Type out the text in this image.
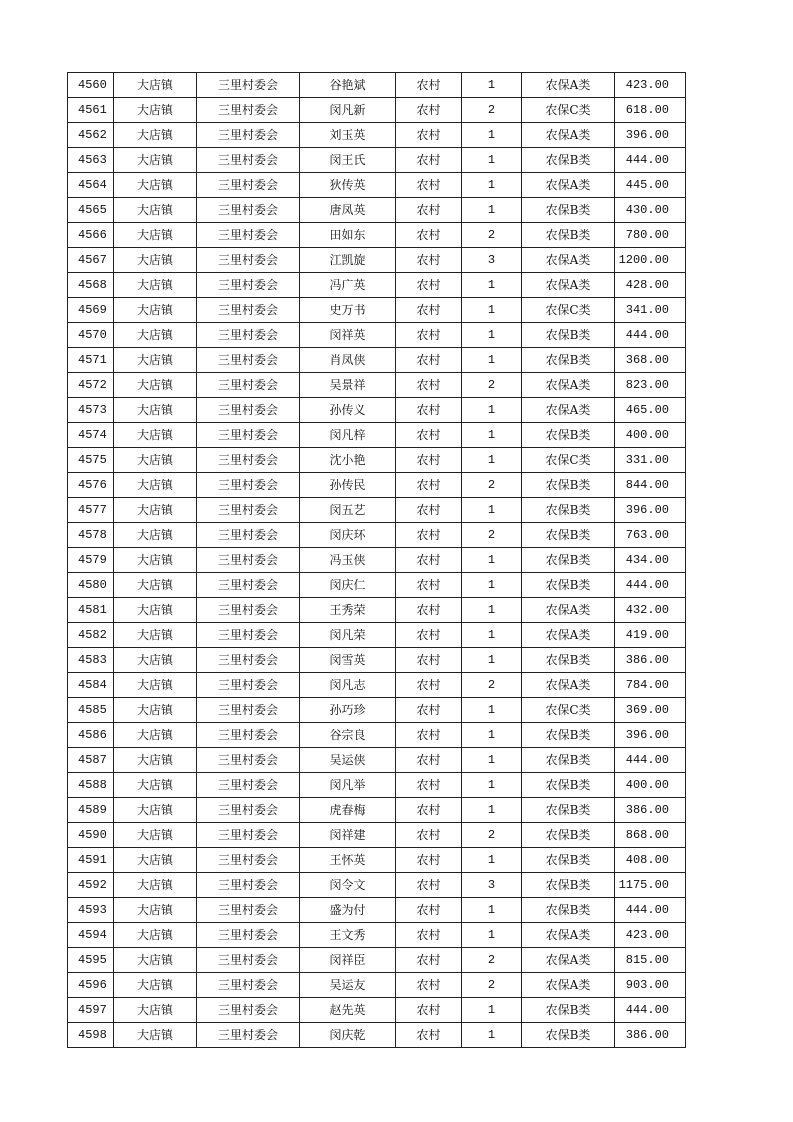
4560	大店镇	三里村委会	谷艳斌	农村	1	农保A类	423.00
4561	大店镇	三里村委会	闵凡新	农村	2	农保C类	618.00
4562	大店镇	三里村委会	刘玉英	农村	1	农保A类	396.00
4563	大店镇	三里村委会	闵王氏	农村	1	农保B类	444.00
4564	大店镇	三里村委会	狄传英	农村	1	农保A类	445.00
4565	大店镇	三里村委会	唐凤英	农村	1	农保B类	430.00
4566	大店镇	三里村委会	田如东	农村	2	农保B类	780.00
4567	大店镇	三里村委会	江凯旋	农村	3	农保A类	1200.00
4568	大店镇	三里村委会	冯广英	农村	1	农保A类	428.00
4569	大店镇	三里村委会	史万书	农村	1	农保C类	341.00
4570	大店镇	三里村委会	闵祥英	农村	1	农保B类	444.00
4571	大店镇	三里村委会	肖凤侠	农村	1	农保B类	368.00
4572	大店镇	三里村委会	吴景祥	农村	2	农保A类	823.00
4573	大店镇	三里村委会	孙传义	农村	1	农保A类	465.00
4574	大店镇	三里村委会	闵凡梓	农村	1	农保B类	400.00
4575	大店镇	三里村委会	沈小艳	农村	1	农保C类	331.00
4576	大店镇	三里村委会	孙传民	农村	2	农保B类	844.00
4577	大店镇	三里村委会	闵五艺	农村	1	农保B类	396.00
4578	大店镇	三里村委会	闵庆环	农村	2	农保B类	763.00
4579	大店镇	三里村委会	冯玉侠	农村	1	农保B类	434.00
4580	大店镇	三里村委会	闵庆仁	农村	1	农保B类	444.00
4581	大店镇	三里村委会	王秀荣	农村	1	农保A类	432.00
4582	大店镇	三里村委会	闵凡荣	农村	1	农保A类	419.00
4583	大店镇	三里村委会	闵雪英	农村	1	农保B类	386.00
4584	大店镇	三里村委会	闵凡志	农村	2	农保A类	784.00
4585	大店镇	三里村委会	孙巧珍	农村	1	农保C类	369.00
4586	大店镇	三里村委会	谷宗良	农村	1	农保B类	396.00
4587	大店镇	三里村委会	吴运侠	农村	1	农保B类	444.00
4588	大店镇	三里村委会	闵凡举	农村	1	农保B类	400.00
4589	大店镇	三里村委会	虎春梅	农村	1	农保B类	386.00
4590	大店镇	三里村委会	闵祥建	农村	2	农保B类	868.00
4591	大店镇	三里村委会	王怀英	农村	1	农保B类	408.00
4592	大店镇	三里村委会	闵令文	农村	3	农保B类	1175.00
4593	大店镇	三里村委会	盛为付	农村	1	农保B类	444.00
4594	大店镇	三里村委会	王文秀	农村	1	农保A类	423.00
4595	大店镇	三里村委会	闵祥臣	农村	2	农保A类	815.00
4596	大店镇	三里村委会	吴运友	农村	2	农保A类	903.00
4597	大店镇	三里村委会	赵先英	农村	1	农保B类	444.00
4598	大店镇	三里村委会	闵庆乾	农村	1	农保B类	386.00
